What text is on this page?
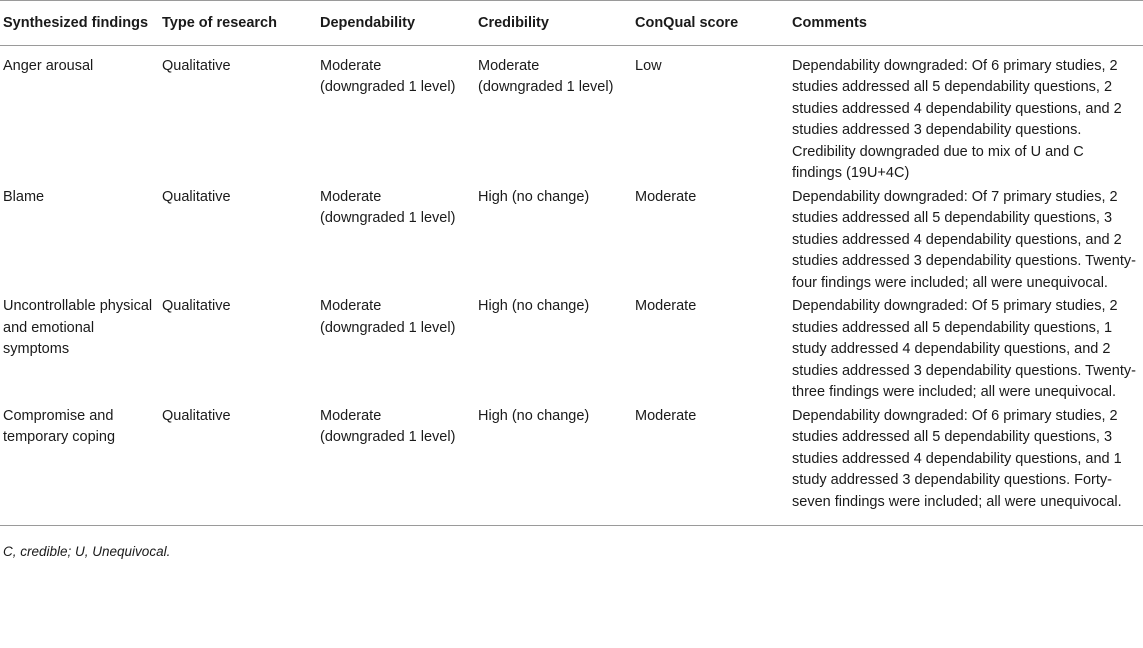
Synthesized findings	Type of research	Dependability	Credibility	ConQual score	Comments
Anger arousal	Qualitative	Moderate (downgraded 1 level)	Moderate (downgraded 1 level)	Low	Dependability downgraded: Of 6 primary studies, 2 studies addressed all 5 dependability questions, 2 studies addressed 4 dependability questions, and 2 studies addressed 3 dependability questions. Credibility downgraded due to mix of U and C findings (19U+4C)
Blame	Qualitative	Moderate (downgraded 1 level)	High (no change)	Moderate	Dependability downgraded: Of 7 primary studies, 2 studies addressed all 5 dependability questions, 3 studies addressed 4 dependability questions, and 2 studies addressed 3 dependability questions. Twenty-four findings were included; all were unequivocal.
Uncontrollable physical and emotional symptoms	Qualitative	Moderate (downgraded 1 level)	High (no change)	Moderate	Dependability downgraded: Of 5 primary studies, 2 studies addressed all 5 dependability questions, 1 study addressed 4 dependability questions, and 2 studies addressed 3 dependability questions. Twenty-three findings were included; all were unequivocal.
Compromise and temporary coping	Qualitative	Moderate (downgraded 1 level)	High (no change)	Moderate	Dependability downgraded: Of 6 primary studies, 2 studies addressed all 5 dependability questions, 3 studies addressed 4 dependability questions, and 1 study addressed 3 dependability questions. Forty-seven findings were included; all were unequivocal.
C, credible; U, Unequivocal.
